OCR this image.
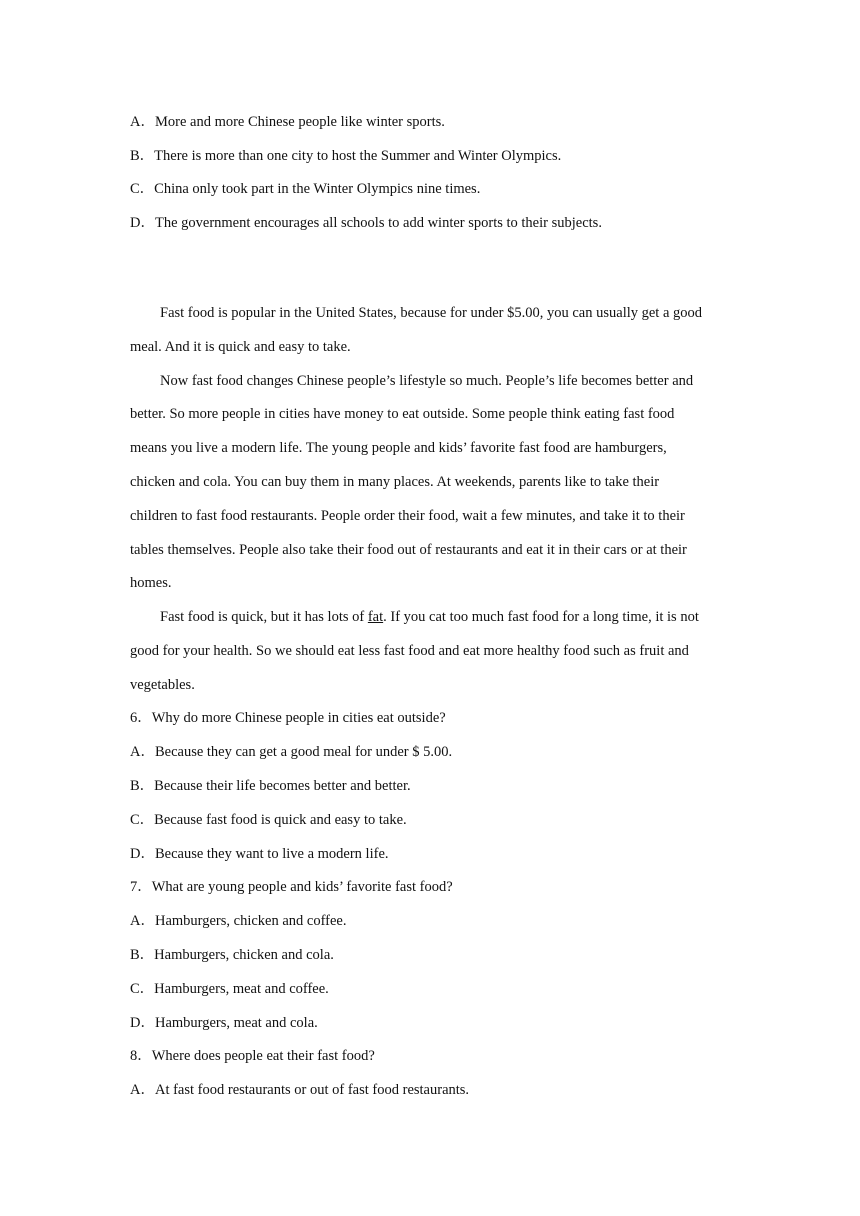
A．More and more Chinese people like winter sports.
B．There is more than one city to host the Summer and Winter Olympics.
C．China only took part in the Winter Olympics nine times.
D．The government encourages all schools to add winter sports to their subjects.
Fast food is popular in the United States, because for under $5.00, you can usually get a good
meal. And it is quick and easy to take.
Now fast food changes Chinese people’s lifestyle so much. People’s life becomes better and
better. So more people in cities have money to eat outside. Some people think eating fast food
means you live a modern life. The young people and kids’ favorite fast food are hamburgers,
chicken and cola. You can buy them in many places. At weekends, parents like to take their
children to fast food restaurants. People order their food, wait a few minutes, and take it to their
tables themselves. People also take their food out of restaurants and eat it in their cars or at their
homes.
Fast food is quick, but it has lots of fat. If you cat too much fast food for a long time, it is not
good for your health. So we should eat less fast food and eat more healthy food such as fruit and
vegetables.
6．Why do more Chinese people in cities eat outside?
A．Because they can get a good meal for under $ 5.00.
B．Because their life becomes better and better.
C．Because fast food is quick and easy to take.
D．Because they want to live a modern life.
7．What are young people and kids’ favorite fast food?
A．Hamburgers, chicken and coffee.
B．Hamburgers, chicken and cola.
C．Hamburgers, meat and coffee.
D．Hamburgers, meat and cola.
8．Where does people eat their fast food?
A．At fast food restaurants or out of fast food restaurants.
